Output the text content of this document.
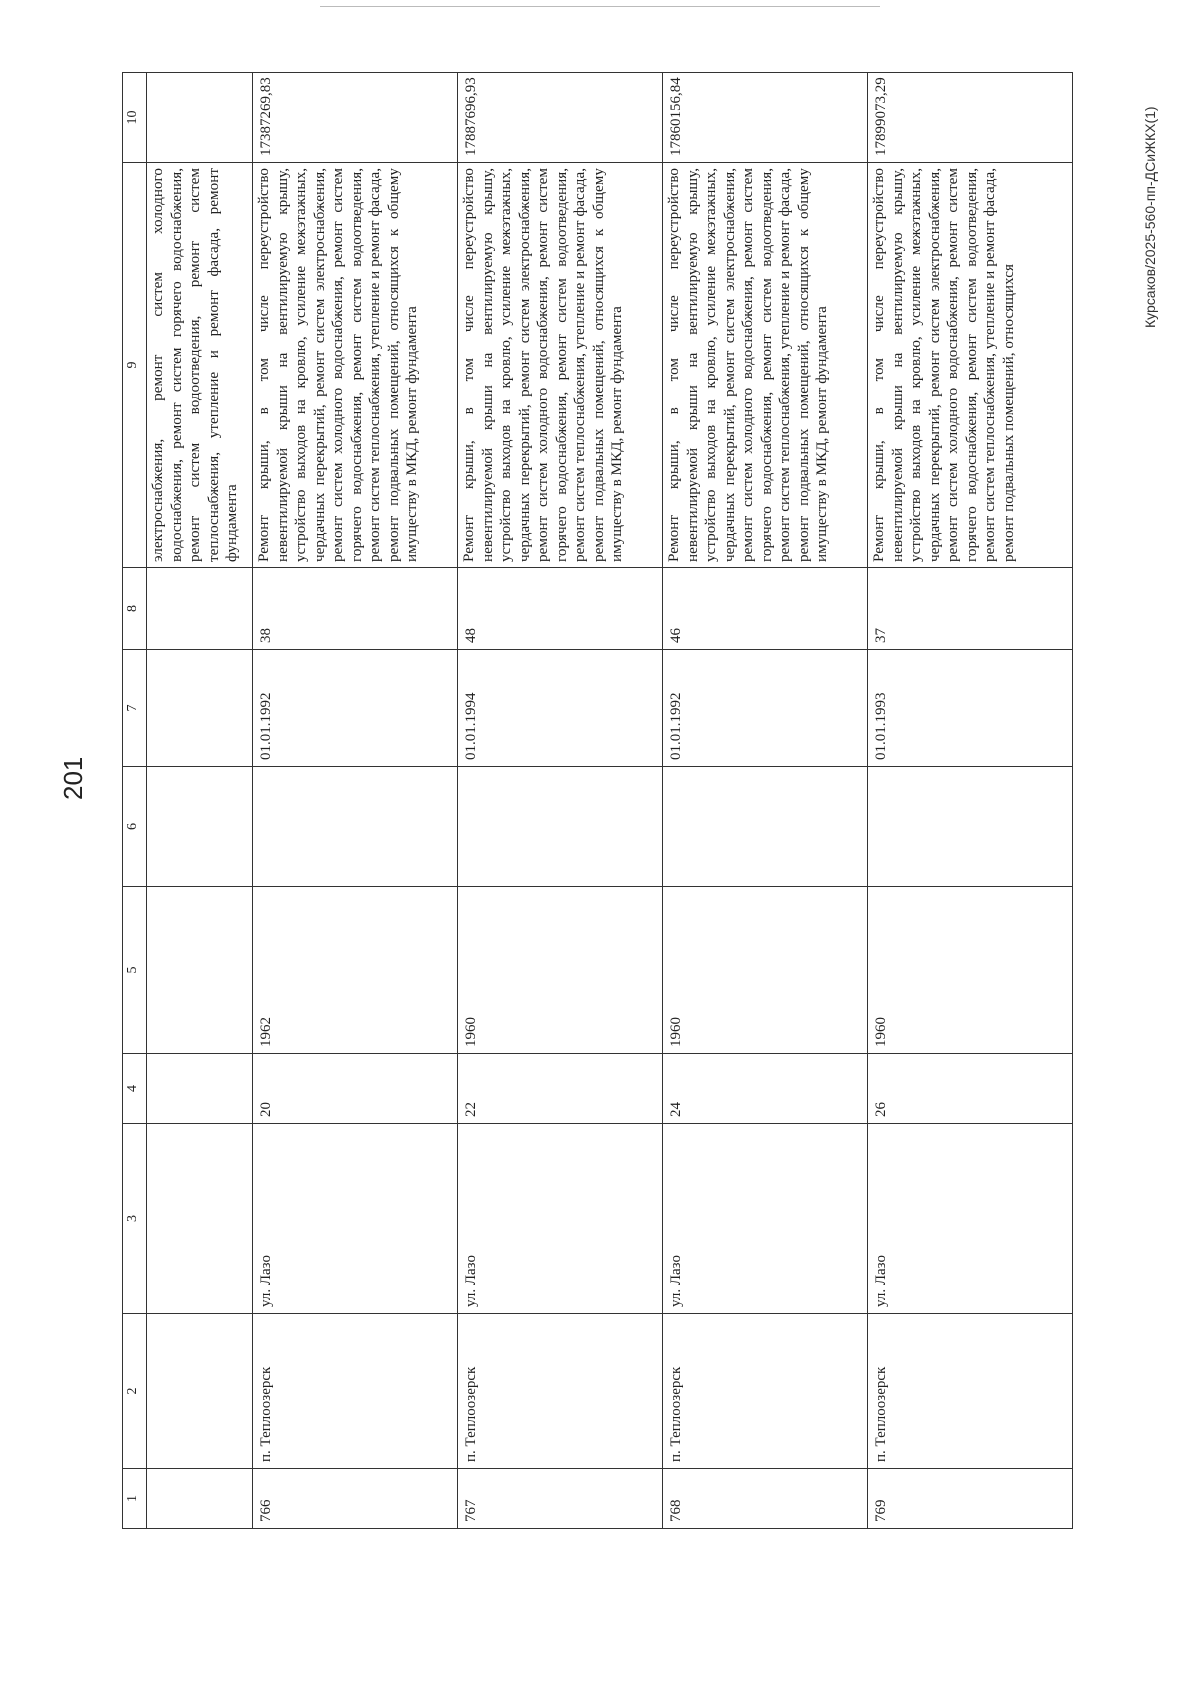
201
Курсаков/2025-560-пп-ДСиЖКХ(1)
1	2	3	4	5	6	7	8	9	10
								электроснабжения, ремонт систем холодного водоснабжения, ремонт систем горячего водоснабжения, ремонт систем водоотведения, ремонт систем теплоснабжения, утепление и ремонт фасада, ремонт фундамента	
766	п. Теплоозерск	ул. Лазо	20	1962		01.01.1992	38	Ремонт крыши, в том числе переустройство невентилируемой крыши на вентилируемую крышу, устройство выходов на кровлю, усиление межэтажных, чердачных перекрытий, ремонт систем электроснабжения, ремонт систем холодного водоснабжения, ремонт систем горячего водоснабжения, ремонт систем водоотведения, ремонт систем теплоснабжения, утепление и ремонт фасада, ремонт подвальных помещений, относящихся к общему имуществу в МКД, ремонт фундамента	17387269,83
767	п. Теплоозерск	ул. Лазо	22	1960		01.01.1994	48	Ремонт крыши, в том числе переустройство невентилируемой крыши на вентилируемую крышу, устройство выходов на кровлю, усиление межэтажных, чердачных перекрытий, ремонт систем электроснабжения, ремонт систем холодного водоснабжения, ремонт систем горячего водоснабжения, ремонт систем водоотведения, ремонт систем теплоснабжения, утепление и ремонт фасада, ремонт подвальных помещений, относящихся к общему имуществу в МКД, ремонт фундамента	17887696,93
768	п. Теплоозерск	ул. Лазо	24	1960		01.01.1992	46	Ремонт крыши, в том числе переустройство невентилируемой крыши на вентилируемую крышу, устройство выходов на кровлю, усиление межэтажных, чердачных перекрытий, ремонт систем электроснабжения, ремонт систем холодного водоснабжения, ремонт систем горячего водоснабжения, ремонт систем водоотведения, ремонт систем теплоснабжения, утепление и ремонт фасада, ремонт подвальных помещений, относящихся к общему имуществу в МКД, ремонт фундамента	17860156,84
769	п. Теплоозерск	ул. Лазо	26	1960		01.01.1993	37	Ремонт крыши, в том числе переустройство невентилируемой крыши на вентилируемую крышу, устройство выходов на кровлю, усиление межэтажных, чердачных перекрытий, ремонт систем электроснабжения, ремонт систем холодного водоснабжения, ремонт систем горячего водоснабжения, ремонт систем водоотведения, ремонт систем теплоснабжения, утепление и ремонт фасада, ремонт подвальных помещений, относящихся	17899073,29
